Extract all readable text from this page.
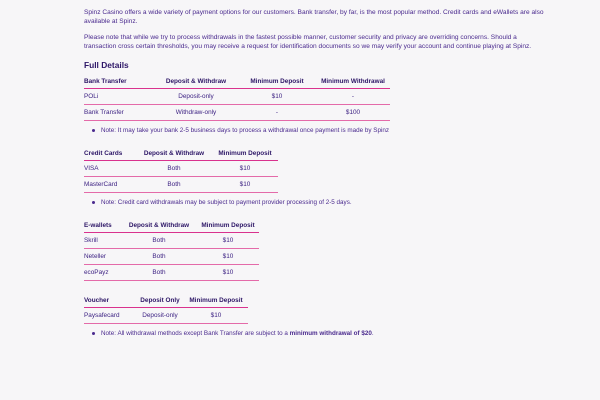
Spinz Casino offers a wide variety of payment options for our customers. Bank transfer, by far, is the most popular method. Credit cards and eWallets are also available at Spinz.

Please note that while we try to process withdrawals in the fastest possible manner, customer security and privacy are overriding concerns. Should a transaction cross certain thresholds, you may receive a request for identification documents so we may verify your account and continue playing at Spinz.

Full Details
Bank Transfer	Deposit & Withdraw	Minimum Deposit	Minimum Withdrawal
POLi	Deposit-only	$10	-
Bank Transfer	Withdraw-only	-	$100
Note: It may take your bank 2-5 business days to process a withdrawal once payment is made by Spinz
Credit Cards	Deposit & Withdraw	Minimum Deposit
VISA	Both	$10
MasterCard	Both	$10
Note: Credit card withdrawals may be subject to payment provider processing of 2-5 days.
E-wallets	Deposit & Withdraw	Minimum Deposit
Skrill	Both	$10
Neteller	Both	$10
ecoPayz	Both	$10
Voucher	Deposit Only	Minimum Deposit
Paysafecard	Deposit-only	$10
Note: All withdrawal methods except Bank Transfer are subject to a minimum withdrawal of $20.
